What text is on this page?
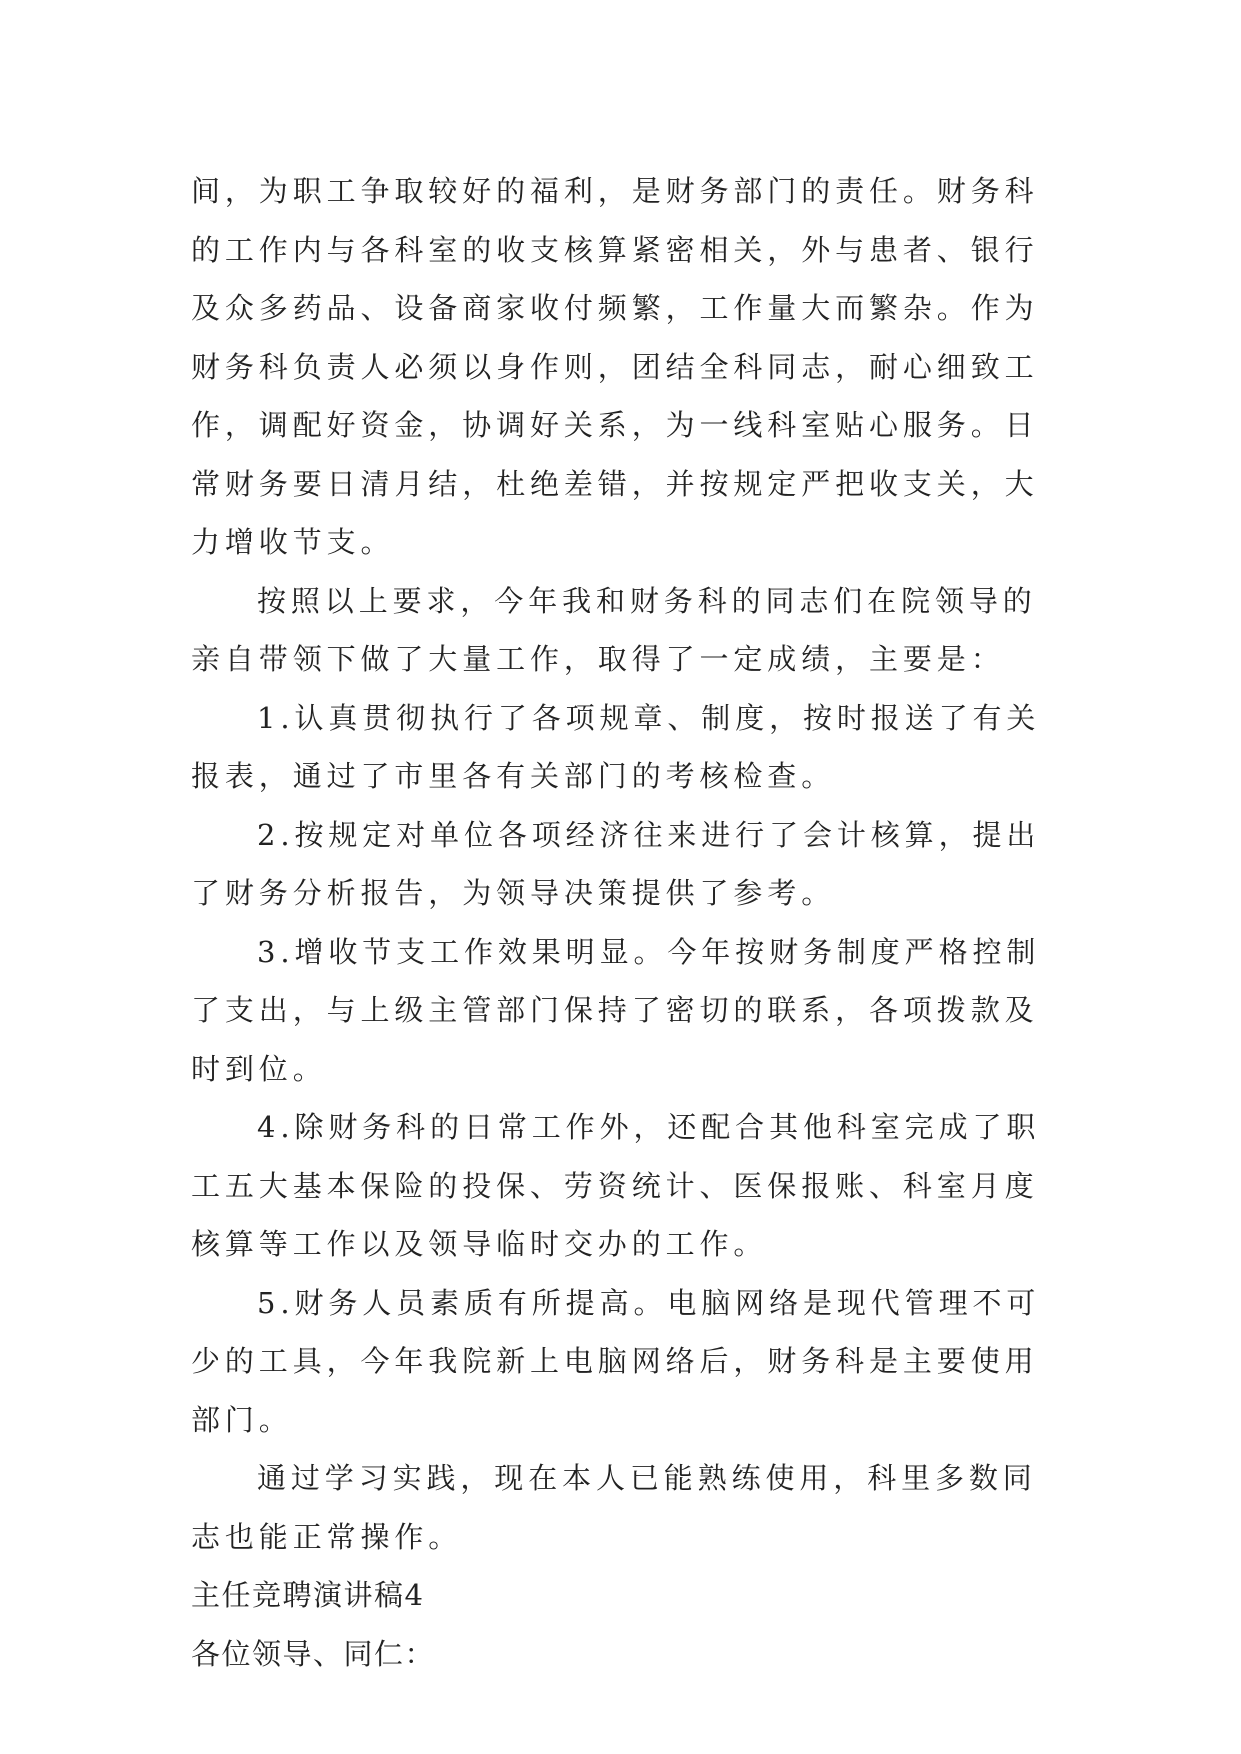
间，为职工争取较好的福利，是财务部门的责任。财务科的工作内与各科室的收支核算紧密相关，外与患者、银行及众多药品、设备商家收付频繁，工作量大而繁杂。作为财务科负责人必须以身作则，团结全科同志，耐心细致工作，调配好资金，协调好关系，为一线科室贴心服务。日常财务要日清月结，杜绝差错，并按规定严把收支关，大力增收节支。

按照以上要求，今年我和财务科的同志们在院领导的亲自带领下做了大量工作，取得了一定成绩，主要是：

1.认真贯彻执行了各项规章、制度，按时报送了有关报表，通过了市里各有关部门的考核检查。

2.按规定对单位各项经济往来进行了会计核算，提出了财务分析报告，为领导决策提供了参考。

3.增收节支工作效果明显。今年按财务制度严格控制了支出，与上级主管部门保持了密切的联系，各项拨款及时到位。

4.除财务科的日常工作外，还配合其他科室完成了职工五大基本保险的投保、劳资统计、医保报账、科室月度核算等工作以及领导临时交办的工作。

5.财务人员素质有所提高。电脑网络是现代管理不可少的工具，今年我院新上电脑网络后，财务科是主要使用部门。

通过学习实践，现在本人已能熟练使用，科里多数同志也能正常操作。

主任竞聘演讲稿4

各位领导、同仁：
